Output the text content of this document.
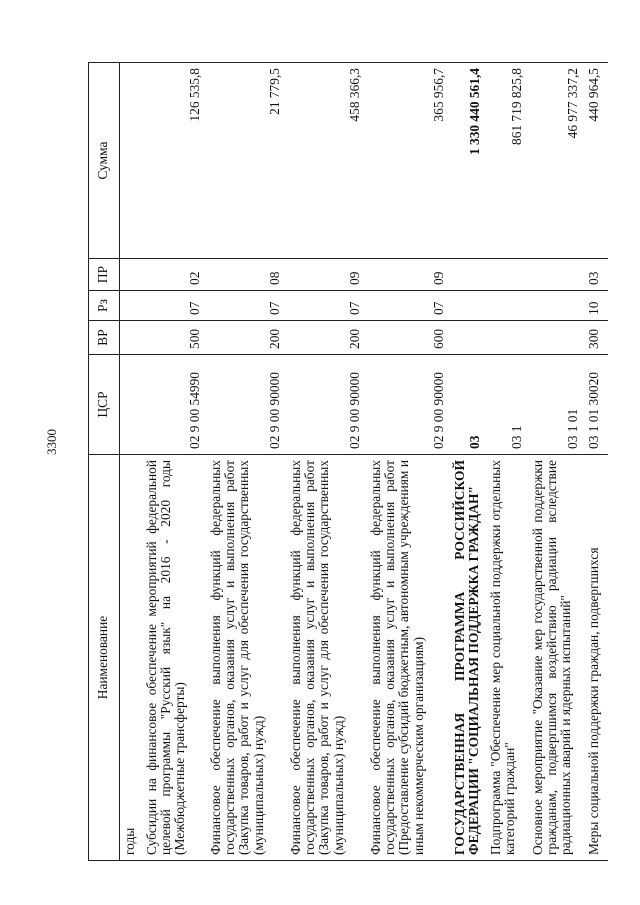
3300
Наименование	ЦСР	ВР	Рз	ПР	Сумма
годы					
Субсидии на финансовое обеспечение мероприятий федеральной целевой программы "Русский язык" на 2016 - 2020 годы (Межбюджетные трансферты)	02 9 00 54990	500	07	02	126 535,8
Финансовое обеспечение выполнения функций федеральных государственных органов, оказания услуг и выполнения работ (Закупка товаров, работ и услуг для обеспечения государственных (муниципальных) нужд)	02 9 00 90000	200	07	08	21 779,5
Финансовое обеспечение выполнения функций федеральных государственных органов, оказания услуг и выполнения работ (Закупка товаров, работ и услуг для обеспечения государственных (муниципальных) нужд)	02 9 00 90000	200	07	09	458 366,3
Финансовое обеспечение выполнения функций федеральных государственных органов, оказания услуг и выполнения работ (Предоставление субсидий бюджетным, автономным учреждениям и иным некоммерческим организациям)	02 9 00 90000	600	07	09	365 956,7
ГОСУДАРСТВЕННАЯ ПРОГРАММА РОССИЙСКОЙ ФЕДЕРАЦИИ "СОЦИАЛЬНАЯ ПОДДЕРЖКА ГРАЖДАН"	03				1 330 440 561,4
Подпрограмма "Обеспечение мер социальной поддержки отдельных категорий граждан"	03 1				861 719 825,8
Основное мероприятие "Оказание мер государственной поддержки гражданам, подвергшимся воздействию радиации вследствие радиационных аварий и ядерных испытаний"	03 1 01				46 977 337,2
Меры социальной поддержки граждан, подвергшихся	03 1 01 30020	300	10	03	440 964,5
